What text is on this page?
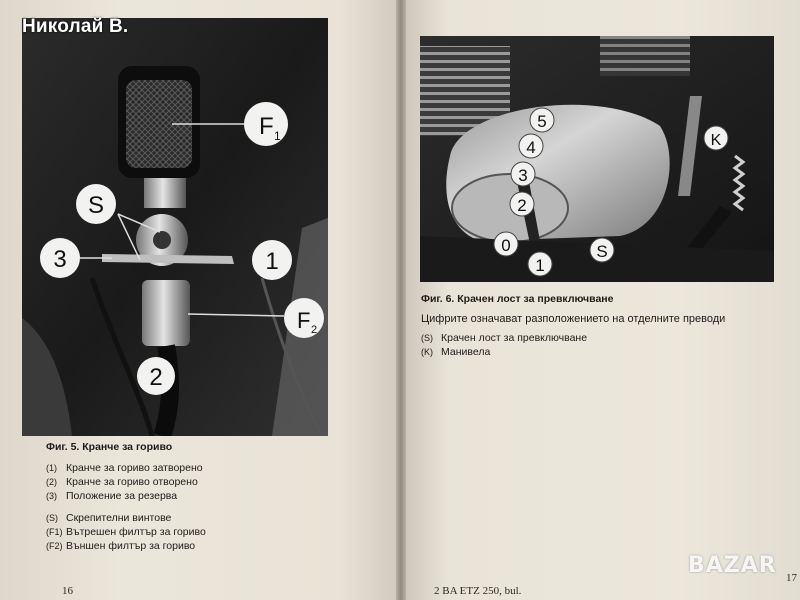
F 1
S
3	1
F 2
2
Николай В.
Фиг. 5. Кранче за гориво
(1) Кранче за гориво затворено
(2) Кранче за гориво отворено
(3) Положение за резерва
(S) Скрепителни винтове
(F1) Вътрешен филтър за гориво
(F2) Външен филтър за гориво
16
5
4
3
2
0
1
S
K
Фиг. 6. Крачен лост за превключване
Цифрите означават разположението на отделните преводи
(S) Крачен лост за превключване
(K) Манивела
2 BA ETZ 250, bul.
17
BAZAR
